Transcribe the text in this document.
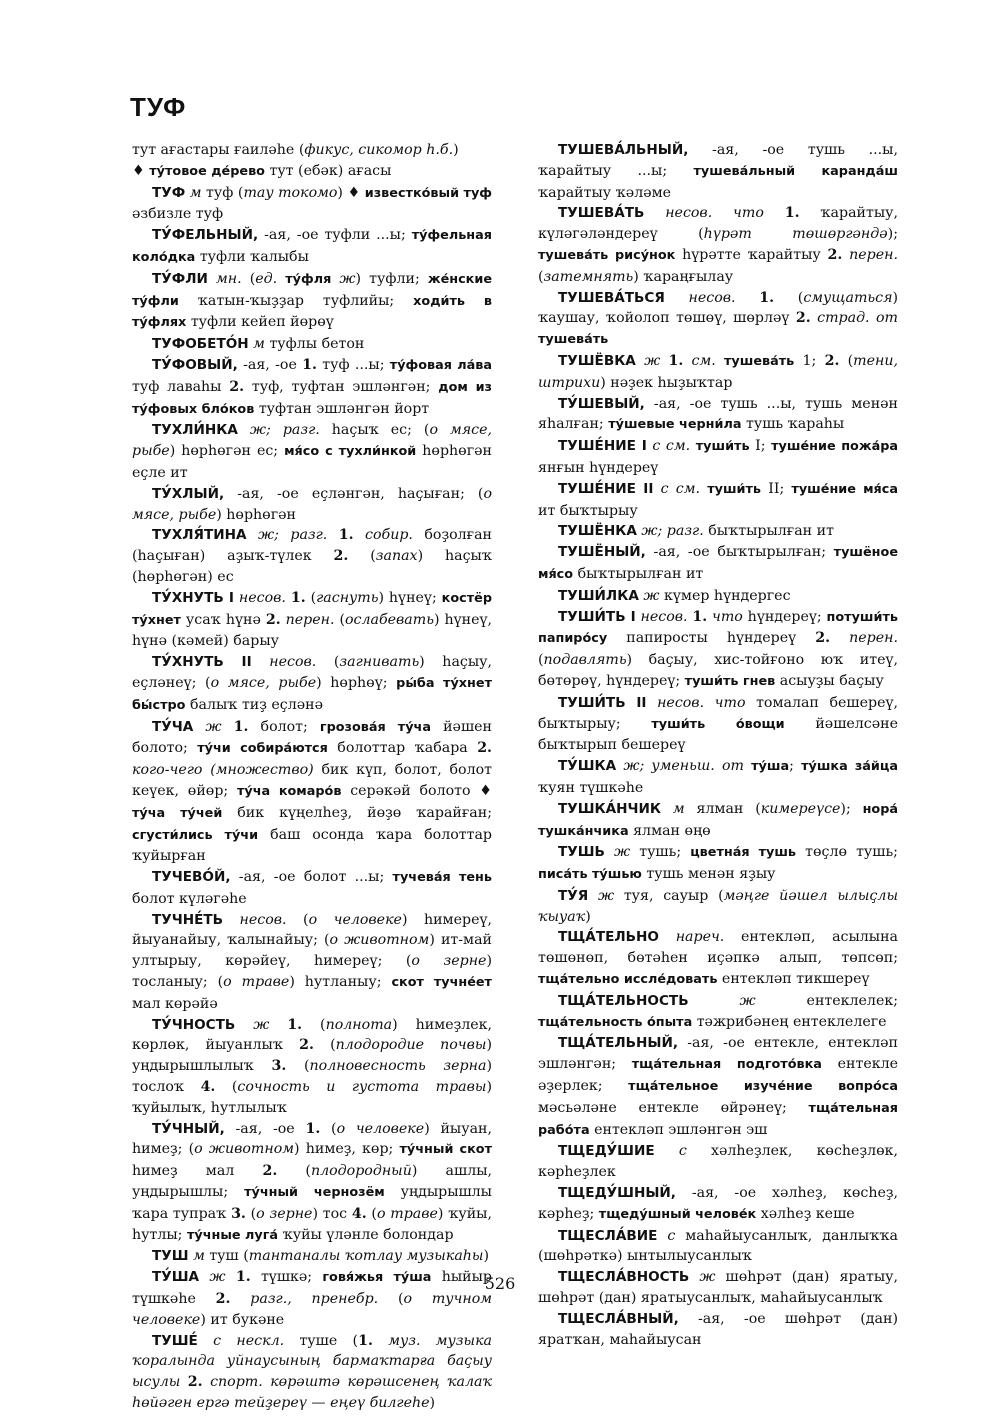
ТУФ

тут ағастары ғаиләһе (фикус, сикомор һ.б.)

♦ ту́товое де́рево тут (ебәк) ағасы

ТУФ м туф (тау токомо) ♦ известко́вый туф әзбизле туф

ТУ́ФЕЛЬНЫЙ, -ая, -ое туфли ...ы; ту́фельная коло́дка туфли ҡалыбы

ТУ́ФЛИ мн. (ед. ту́фля ж) туфли; же́нские ту́фли ҡатын-ҡыҙҙар туфлийы; ходи́ть в ту́флях туфли кейеп йөрөү

ТУФОБЕТО́Н м туфлы бетон

ТУ́ФОВЫЙ, -ая, -ое 1. туф ...ы; ту́фовая ла́ва туф лаваһы 2. туф, туфтан эшләнгән; дом из ту́фовых бло́ков туфтан эшләнгән йорт

ТУХЛИ́НКА ж; разг. һаҫыҡ ес; (о мясе, рыбе) һөрһөгән ес; мя́со с тухли́нкой һөрһөгән еҫле ит

ТУ́ХЛЫЙ, -ая, -ое еҫләнгән, һаҫыған; (о мясе, рыбе) һөрһөгән

ТУХЛЯ́ТИНА ж; разг. 1. собир. боҙолған (һаҫыған) аҙыҡ-түлек 2. (запах) һаҫыҡ (һөрһөгән) ес

ТУ́ХНУТЬ I несов. 1. (гаснуть) һүнеү; костёр ту́хнет усаҡ һүнә 2. перен. (ослабевать) һүнеү, һүнә (кәмей) барыу

ТУ́ХНУТЬ II несов. (загнивать) һаҫыу, еҫләнеү; (о мясе, рыбе) һөрһөү; ры́ба ту́хнет бы́стро балыҡ тиҙ еҫләнә

ТУ́ЧА ж 1. болот; грозова́я ту́ча йәшен болото; ту́чи собира́ются болоттар ҡабара 2. кого-чего (множество) бик күп, болот, болот кеүек, өйөр; ту́ча комаро́в серәкәй болото ♦ ту́ча ту́чей бик күңелһеҙ, йөҙө ҡарайған; сгусти́лись ту́чи баш осонда ҡара болоттар ҡуйырған

ТУЧЕВО́Й, -ая, -ое болот ...ы; тучева́я тень болот күләгәһе

ТУЧНЕ́ТЬ несов. (о человеке) һимереү, йыуанайыу, ҡалынайыу; (о животном) ит-май ултырыу, көрәйеү, һимереү; (о зерне) тосланыу; (о траве) һутланыу; скот тучне́ет мал көрәйә

ТУ́ЧНОСТЬ ж 1. (полнота) һимеҙлек, көрлөк, йыуанлыҡ 2. (плодородие почвы) уңдырышлылыҡ 3. (полновесность зерна) тослоҡ 4. (сочность и густота травы) ҡуйылыҡ, һутлылыҡ

ТУ́ЧНЫЙ, -ая, -ое 1. (о человеке) йыуан, һимеҙ; (о животном) һимеҙ, көр; ту́чный скот һимеҙ мал 2. (плодородный) ашлы, уңдырышлы; ту́чный чернозём уңдырышлы ҡара тупраҡ 3. (о зерне) тос 4. (о траве) ҡуйы, һутлы; ту́чные луга́ ҡуйы үләнле болондар

ТУШ м туш (тантаналы ҡотлау музыкаһы)

ТУ́ША ж 1. түшкә; говя́жья ту́ша һыйыр түшкәһе 2. разг., пренебр. (о тучном человеке) ит букәне

ТУШЕ́ с нескл. туше (1. муз. музыка ҡоралында уйнаусының бармаҡтарға баҫыу ысулы 2. спорт. көрәштә көрәшсенең ҡалаҡ һөйәген ергә тейҙереү — еңеү билгеһе)

ТУШЕВА́ЛЬНЫЙ, -ая, -ое тушь ...ы, ҡарайтыу ...ы; тушева́льный каранда́ш ҡарайтыу ҡәләме

ТУШЕВА́ТЬ несов. что 1. ҡарайтыу, күләгәләндереү (һүрәт төшөргәндә); тушева́ть рису́нок һүрәтте ҡарайтыу 2. перен. (затемнять) ҡараңғылау

ТУШЕВА́ТЬСЯ несов. 1. (смущаться) ҡаушау, ҡойолоп төшөү, шөрләү 2. страд. от тушева́ть

ТУШЁВКА ж 1. см. тушева́ть 1; 2. (тени, штрихи) нәҙек һыҙыҡтар

ТУ́ШЕВЫЙ, -ая, -ое тушь ...ы, тушь менән яһалған; ту́шевые черни́ла тушь ҡараһы

ТУШЕ́НИЕ I с см. туши́ть I; туше́ние пожа́ра янғын һүндереү

ТУШЕ́НИЕ II с см. туши́ть II; туше́ние мя́са ит быҡтырыу

ТУШЁНКА ж; разг. быҡтырылған ит

ТУШЁНЫЙ, -ая, -ое быҡтырылған; тушёное мя́со быҡтырылған ит

ТУШИ́ЛКА ж күмер һүндергес

ТУШИ́ТЬ I несов. 1. что һүндереү; потуши́ть папиро́су папиросты һүндереү 2. перен. (подавлять) баҫыу, хис-тойғоно юҡ итеү, бөтөрөү, һүндереү; туши́ть гнев асыуҙы баҫыу

ТУШИ́ТЬ II несов. что томалап бешереү, быҡтырыу; туши́ть о́вощи йәшелсәне быҡтырып бешереү

ТУ́ШКА ж; уменьш. от ту́ша; ту́шка за́йца ҡуян түшкәһе

ТУШКА́НЧИК м ялман (кимереүсе); нора́ тушка́нчика ялман өңө

ТУШЬ ж тушь; цветна́я тушь төҫлө тушь; писа́ть ту́шью тушь менән яҙыу

ТУ́Я ж туя, сауыр (мәңге йәшел ылыҫлы ҡыуаҡ)

ТЩА́ТЕЛЬНО нареч. ентекләп, асылына төшөнөп, бөтәһен иҫәпкә алып, төпсөп; тща́тельно иссле́довать ентекләп тикшереү

ТЩА́ТЕЛЬНОСТЬ	ж ентеклелек; тща́тельность о́пыта тәжрибәнең ентеклелеге

ТЩА́ТЕЛЬНЫЙ, -ая, -ое ентекле, ентекләп эшләнгән; тща́тельная подгото́вка ентекле әҙерлек; тща́тельное изуче́ние вопро́са мәсьәләне ентекле өйрәнеү; тща́тельная рабо́та ентекләп эшләнгән эш

ТЩЕДУ́ШИЕ с хәлһеҙлек, көсһеҙлөк, кәрһеҙлек

ТЩЕДУ́ШНЫЙ, -ая, -ое хәлһеҙ, көсһеҙ, кәрһеҙ; тщеду́шный челове́к хәлһеҙ кеше

ТЩЕСЛА́ВИЕ с маһайыусанлыҡ, данлыҡҡа (шөһрәткә) ынтылыусанлыҡ

ТЩЕСЛА́ВНОСТЬ ж шөһрәт (дан) яратыу, шөһрәт (дан) яратыусанлыҡ, маһайыусанлыҡ

ТЩЕСЛА́ВНЫЙ, -ая, -ое шөһрәт (дан) яратҡан, маһайыусан

526
